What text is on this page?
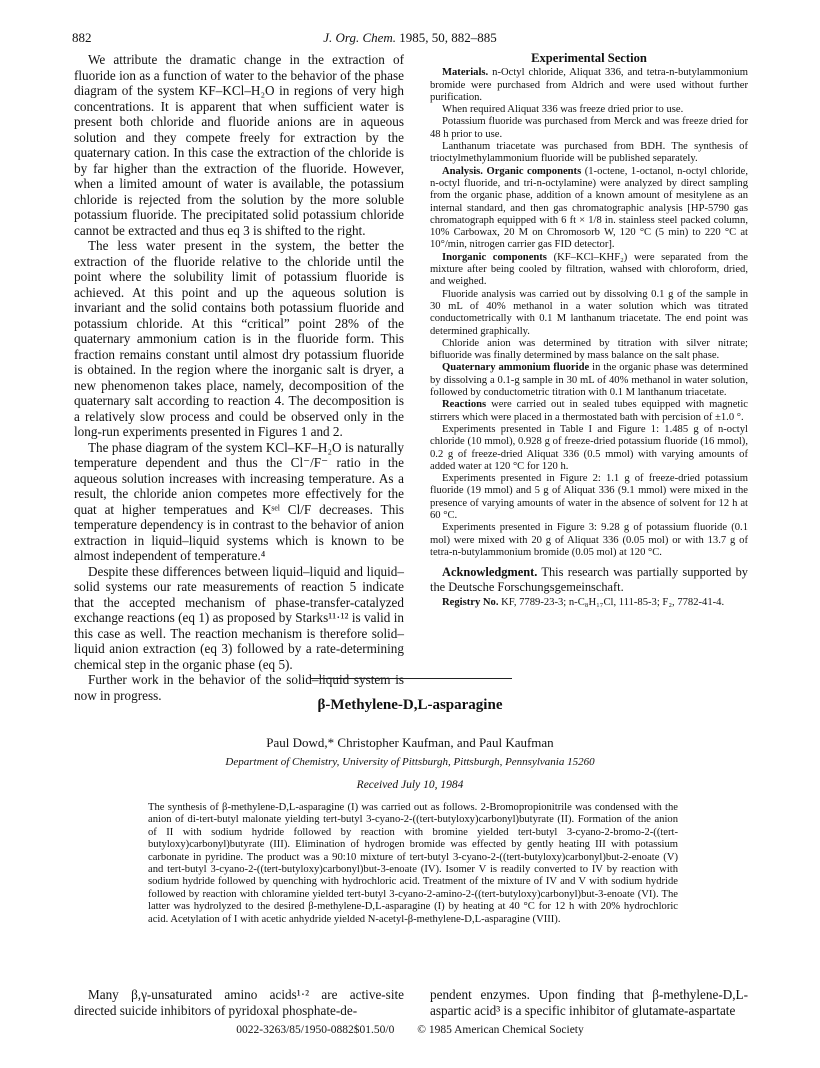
882	J. Org. Chem. 1985, 50, 882–885

We attribute the dramatic change in the extraction of fluoride ion as a function of water to the behavior of the phase diagram of the system KF–KCl–H₂O in regions of very high concentrations. It is apparent that when sufficient water is present both chloride and fluoride anions are in aqueous solution and they compete freely for extraction by the quaternary cation. In this case the extraction of the chloride is by far higher than the extraction of the fluoride. However, when a limited amount of water is available, the potassium chloride is rejected from the solution by the more soluble potassium fluoride. The precipitated solid potassium chloride cannot be extracted and thus eq 3 is shifted to the right.

The less water present in the system, the better the extraction of the fluoride relative to the chloride until the point where the solubility limit of potassium fluoride is achieved. At this point and up the aqueous solution is invariant and the solid contains both potassium fluoride and potassium chloride. At this “critical” point 28% of the quaternary ammonium cation is in the fluoride form. This fraction remains constant until almost dry potassium fluoride is obtained. In the region where the inorganic salt is dryer, a new phenomenon takes place, namely, decomposition of the quaternary salt according to reaction 4. The decomposition is a relatively slow process and could be observed only in the long-run experiments presented in Figures 1 and 2.

The phase diagram of the system KCl–KF–H₂O is naturally temperature dependent and thus the Cl⁻/F⁻ ratio in the aqueous solution increases with increasing temperature. As a result, the chloride anion competes more effectively for the quat at higher temperatues and Kˢᵉˡ Cl/F decreases. This temperature dependency is in contrast to the behavior of anion extraction in liquid–liquid systems which is known to be almost independent of temperature.⁴

Despite these differences between liquid–liquid and liquid–solid systems our rate measurements of reaction 5 indicate that the accepted mechanism of phase-transfer-catalyzed exchange reactions (eq 1) as proposed by Starks¹¹·¹² is valid in this case as well. The reaction mechanism is therefore solid–liquid anion extraction (eq 3) followed by a rate-determining chemical step in the organic phase (eq 5).

Further work in the behavior of the solid–liquid system is now in progress.

Experimental Section

Materials. n-Octyl chloride, Aliquat 336, and tetra-n-butylammonium bromide were purchased from Aldrich and were used without further purification.

When required Aliquat 336 was freeze dried prior to use.

Potassium fluoride was purchased from Merck and was freeze dried for 48 h prior to use.

Lanthanum triacetate was purchased from BDH. The synthesis of trioctylmethylammonium fluoride will be published separately.

Analysis. Organic components (1-octene, 1-octanol, n-octyl chloride, n-octyl fluoride, and tri-n-octylamine) were analyzed by direct sampling from the organic phase, addition of a known amount of mesitylene as an internal standard, and then gas chromatographic analysis [HP-5790 gas chromatograph equipped with 6 ft × 1/8 in. stainless steel packed column, 10% Carbowax, 20 M on Chromosorb W, 120 °C (5 min) to 220 °C at 10°/min, nitrogen carrier gas FID detector].

Inorganic components (KF–KCl–KHF₂) were separated from the mixture after being cooled by filtration, wahsed with chloroform, dried, and weighed.

Fluoride analysis was carried out by dissolving 0.1 g of the sample in 30 mL of 40% methanol in a water solution which was titrated conductometrically with 0.1 M lanthanum triacetate. The end point was determined graphically.

Chloride anion was determined by titration with silver nitrate; bifluoride was finally determined by mass balance on the salt phase.

Quaternary ammonium fluoride in the organic phase was determined by dissolving a 0.1-g sample in 30 mL of 40% methanol in water solution, followed by conductometric titration with 0.1 M lanthanum triacetate.

Reactions were carried out in sealed tubes equipped with magnetic stirrers which were placed in a thermostated bath with percision of ±1.0 °.

Experiments presented in Table I and Figure 1: 1.485 g of n-octyl chloride (10 mmol), 0.928 g of freeze-dried potassium fluoride (16 mmol), 0.2 g of freeze-dried Aliquat 336 (0.5 mmol) with varying amounts of added water at 120 °C for 120 h.

Experiments presented in Figure 2: 1.1 g of freeze-dried potassium fluoride (19 mmol) and 5 g of Aliquat 336 (9.1 mmol) were mixed in the presence of varying amounts of water in the absence of solvent for 12 h at 60 °C.

Experiments presented in Figure 3: 9.28 g of potassium fluoride (0.1 mol) were mixed with 20 g of Aliquat 336 (0.05 mol) or with 13.7 g of tetra-n-butylammonium bromide (0.05 mol) at 120 °C.

Acknowledgment. This research was partially supported by the Deutsche Forschungsgemeinschaft.

Registry No. KF, 7789-23-3; n-C₈H₁₇Cl, 111-85-3; F₂, 7782-41-4.

β-Methylene-D,L-asparagine
Paul Dowd,* Christopher Kaufman, and Paul Kaufman
Department of Chemistry, University of Pittsburgh, Pittsburgh, Pennsylvania 15260
Received July 10, 1984
The synthesis of β-methylene-D,L-asparagine (I) was carried out as follows. 2-Bromopropionitrile was condensed with the anion of di-tert-butyl malonate yielding tert-butyl 3-cyano-2-((tert-butyloxy)carbonyl)butyrate (II). Formation of the anion of II with sodium hydride followed by reaction with bromine yielded tert-butyl 3-cyano-2-bromo-2-((tert-butyloxy)carbonyl)butyrate (III). Elimination of hydrogen bromide was effected by gently heating III with potassium carbonate in pyridine. The product was a 90:10 mixture of tert-butyl 3-cyano-2-((tert-butyloxy)carbonyl)but-2-enoate (V) and tert-butyl 3-cyano-2-((tert-butyloxy)carbonyl)but-3-enoate (IV). Isomer V is readily converted to IV by reaction with sodium hydride followed by quenching with hydrochloric acid. Treatment of the mixture of IV and V with sodium hydride followed by reaction with chloramine yielded tert-butyl 3-cyano-2-amino-2-((tert-butyloxy)carbonyl)but-3-enoate (VI). The latter was hydrolyzed to the desired β-methylene-D,L-asparagine (I) by heating at 40 °C for 12 h with 20% hydrochloric acid. Acetylation of I with acetic anhydride yielded N-acetyl-β-methylene-D,L-asparagine (VIII).

Many β,γ-unsaturated amino acids¹·² are active-site directed suicide inhibitors of pyridoxal phosphate-de-

pendent enzymes. Upon finding that β-methylene-D,L-aspartic acid³ is a specific inhibitor of glutamate-aspartate

0022-3263/85/1950-0882$01.50/0 © 1985 American Chemical Society
